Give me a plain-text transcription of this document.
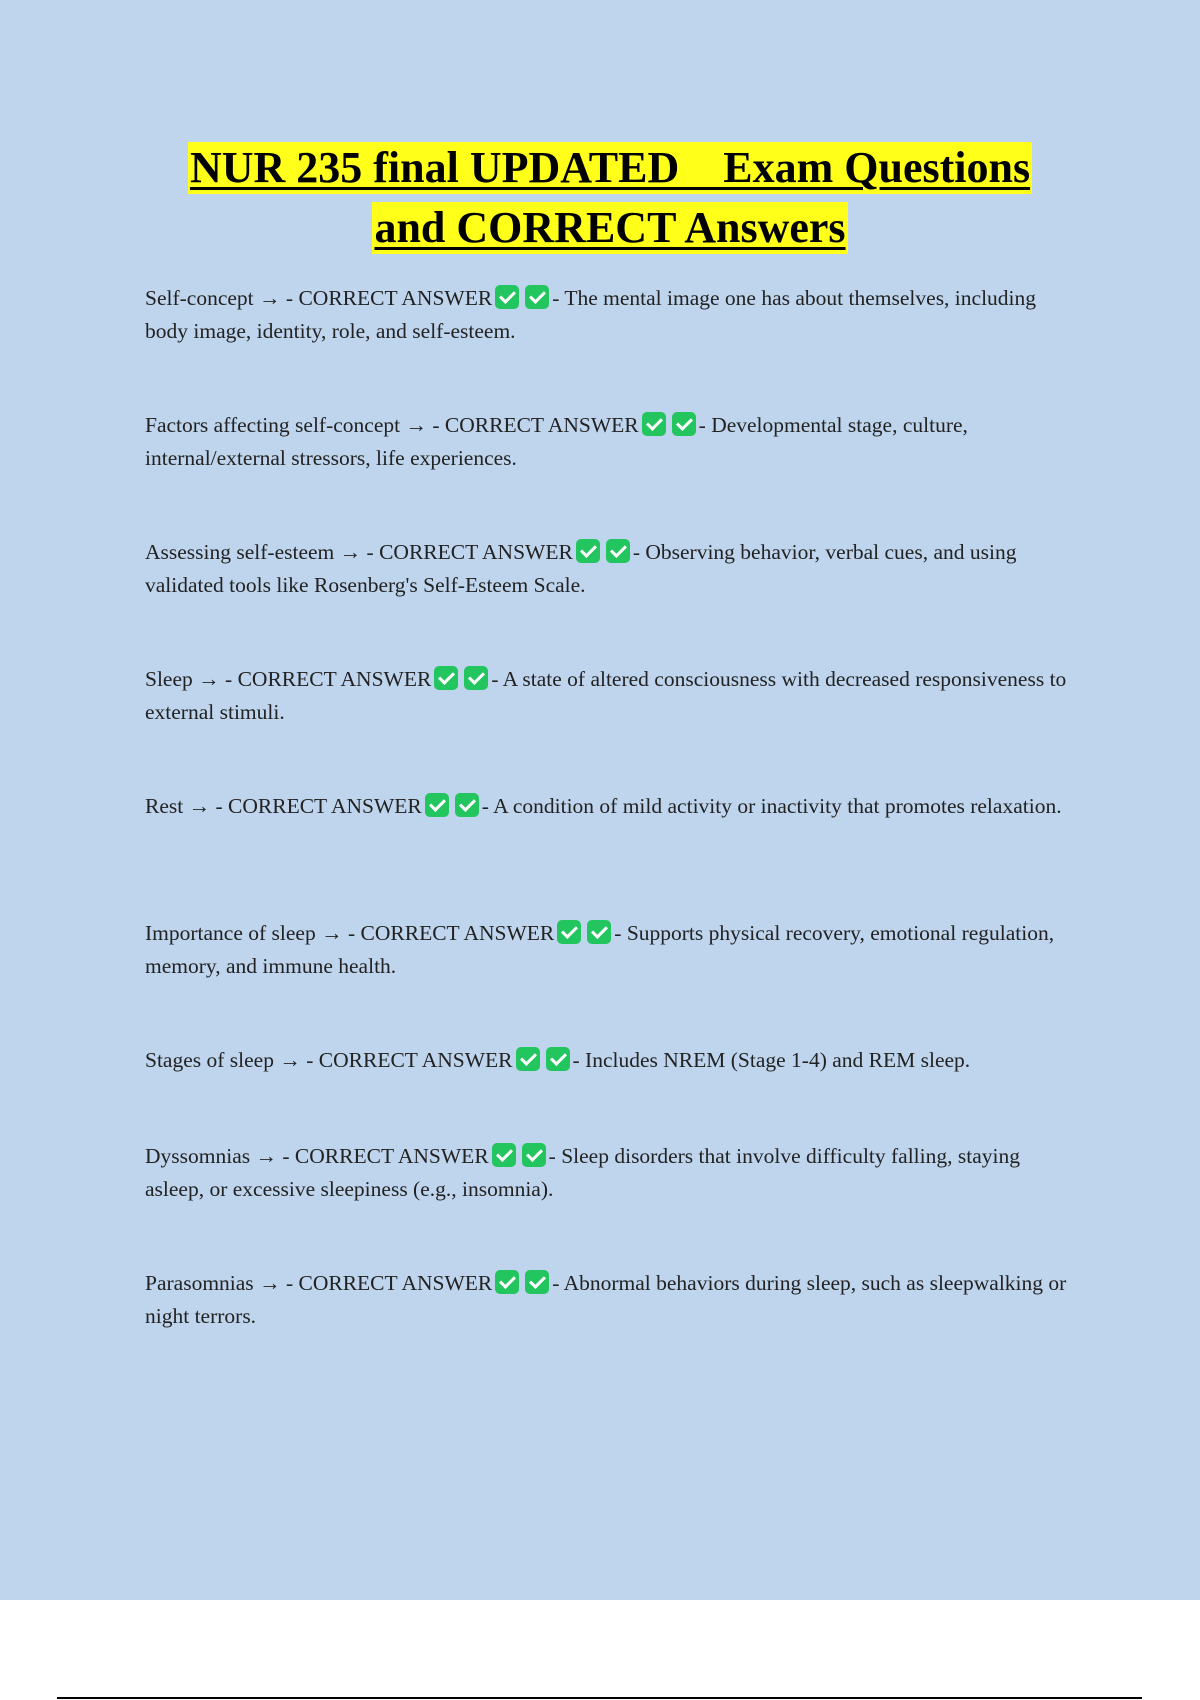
NUR 235 final UPDATED    Exam Questions
and CORRECT Answers
Self-concept → - CORRECT ANSWER	- The mental image one has about themselves, including body image, identity, role, and self-esteem.
Factors affecting self-concept → - CORRECT ANSWER	- Developmental stage, culture, internal/external stressors, life experiences.
Assessing self-esteem → - CORRECT ANSWER	- Observing behavior, verbal cues, and using validated tools like Rosenberg's Self-Esteem Scale.
Sleep → - CORRECT ANSWER	- A state of altered consciousness with decreased responsiveness to external stimuli.
Rest → - CORRECT ANSWER	- A condition of mild activity or inactivity that promotes relaxation.
Importance of sleep → - CORRECT ANSWER	- Supports physical recovery, emotional regulation, memory, and immune health.
Stages of sleep → - CORRECT ANSWER	- Includes NREM (Stage 1-4) and REM sleep.
Dyssomnias → - CORRECT ANSWER	- Sleep disorders that involve difficulty falling, staying asleep, or excessive sleepiness (e.g., insomnia).
Parasomnias → - CORRECT ANSWER	- Abnormal behaviors during sleep, such as sleepwalking or night terrors.
